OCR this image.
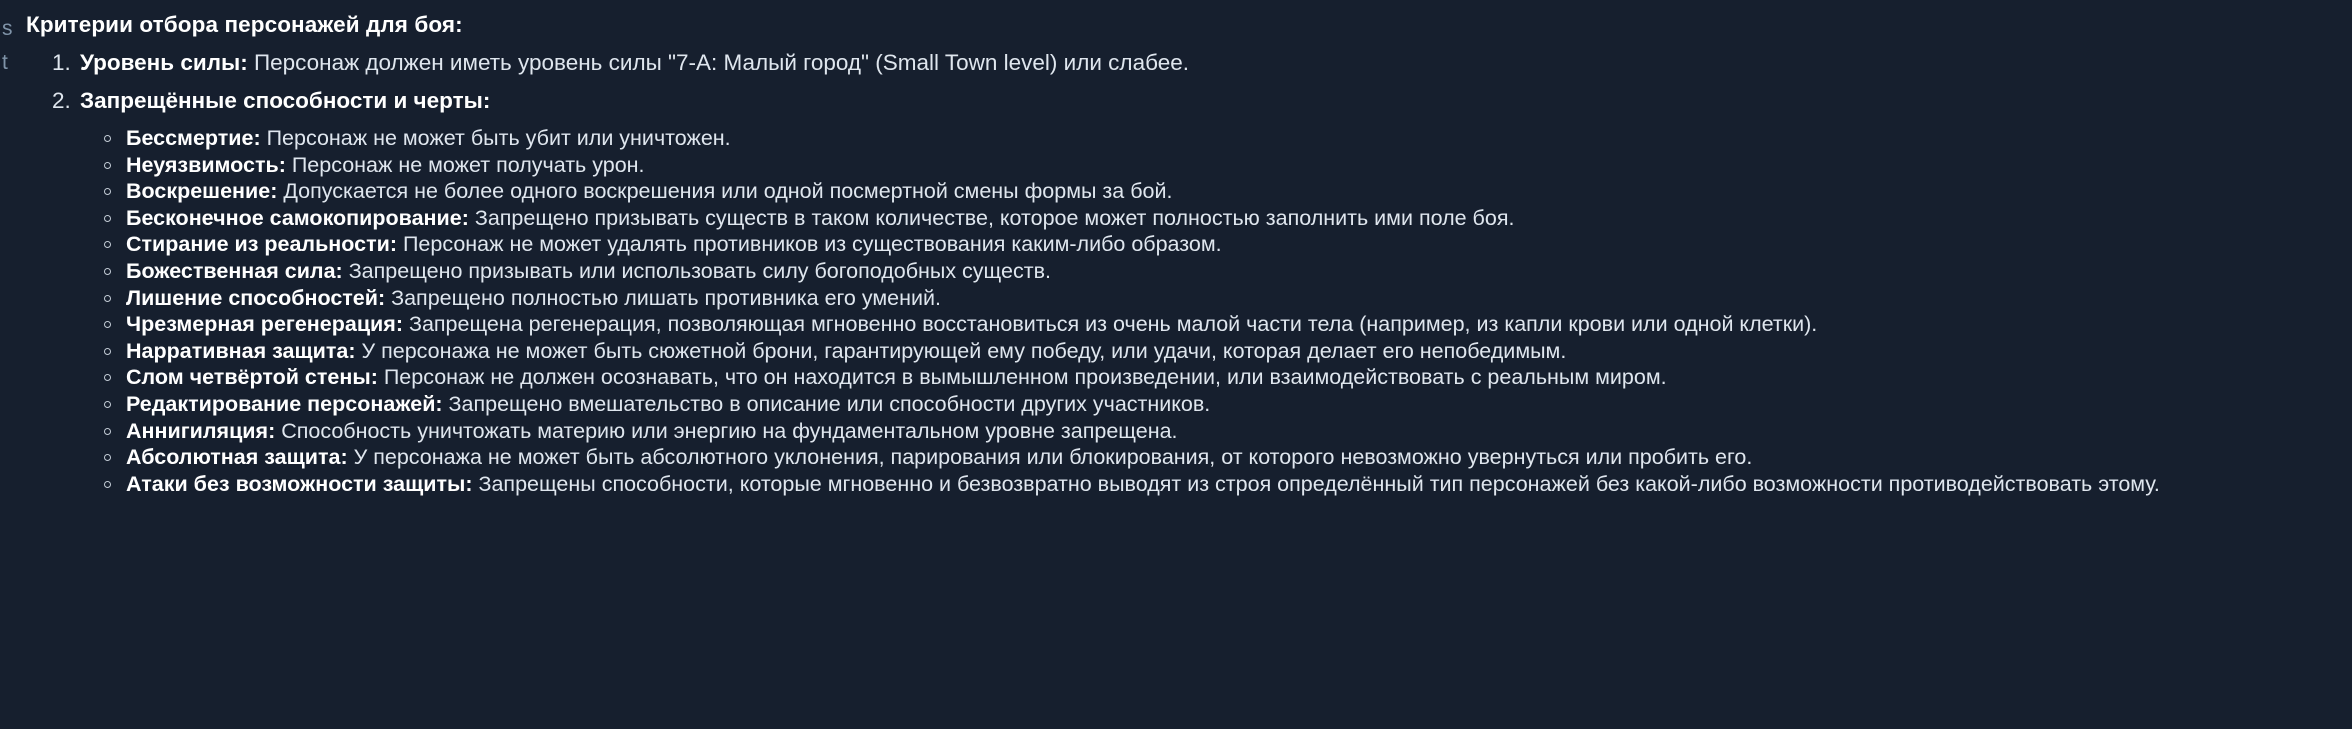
s
t
Критерии отбора персонажей для боя:
1. Уровень силы: Персонаж должен иметь уровень силы "7-А: Малый город" (Small Town level) или слабее.
2. Запрещённые способности и черты:
Бессмертие: Персонаж не может быть убит или уничтожен.
Неуязвимость: Персонаж не может получать урон.
Воскрешение: Допускается не более одного воскрешения или одной посмертной смены формы за бой.
Бесконечное самокопирование: Запрещено призывать существ в таком количестве, которое может полностью заполнить ими поле боя.
Стирание из реальности: Персонаж не может удалять противников из существования каким-либо образом.
Божественная сила: Запрещено призывать или использовать силу богоподобных существ.
Лишение способностей: Запрещено полностью лишать противника его умений.
Чрезмерная регенерация: Запрещена регенерация, позволяющая мгновенно восстановиться из очень малой части тела (например, из капли крови или одной клетки).
Нарративная защита: У персонажа не может быть сюжетной брони, гарантирующей ему победу, или удачи, которая делает его непобедимым.
Слом четвёртой стены: Персонаж не должен осознавать, что он находится в вымышленном произведении, или взаимодействовать с реальным миром.
Редактирование персонажей: Запрещено вмешательство в описание или способности других участников.
Аннигиляция: Способность уничтожать материю или энергию на фундаментальном уровне запрещена.
Абсолютная защита: У персонажа не может быть абсолютного уклонения, парирования или блокирования, от которого невозможно увернуться или пробить его.
Атаки без возможности защиты: Запрещены способности, которые мгновенно и безвозвратно выводят из строя определённый тип персонажей без какой-либо возможности противодействовать этому.
